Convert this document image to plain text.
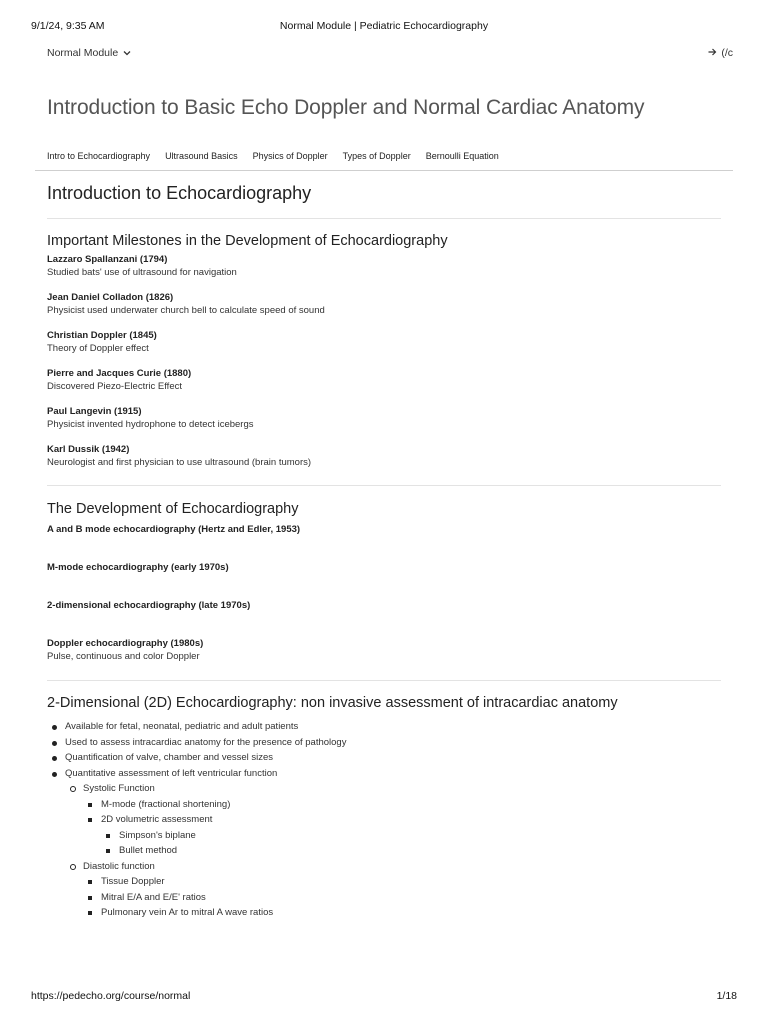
9/1/24, 9:35 AM	Normal Module | Pediatric Echocardiography
Normal Module	(/c
Introduction to Basic Echo Doppler and Normal Cardiac Anatomy
Intro to Echocardiography Ultrasound Basics Physics of Doppler Types of Doppler Bernoulli Equation
Introduction to Echocardiography
Important Milestones in the Development of Echocardiography
Lazzaro Spallanzani (1794)
Studied bats' use of ultrasound for navigation
Jean Daniel Colladon (1826)
Physicist used underwater church bell to calculate speed of sound
Christian Doppler (1845)
Theory of Doppler effect
Pierre and Jacques Curie (1880)
Discovered Piezo-Electric Effect
Paul Langevin (1915)
Physicist invented hydrophone to detect icebergs
Karl Dussik (1942)
Neurologist and first physician to use ultrasound (brain tumors)
The Development of Echocardiography
A and B mode echocardiography (Hertz and Edler, 1953)
M-mode echocardiography (early 1970s)
2-dimensional echocardiography (late 1970s)
Doppler echocardiography (1980s)
Pulse, continuous and color Doppler
2-Dimensional (2D) Echocardiography: non invasive assessment of intracardiac anatomy
Available for fetal, neonatal, pediatric and adult patients
Used to assess intracardiac anatomy for the presence of pathology
Quantification of valve, chamber and vessel sizes
Quantitative assessment of left ventricular function
Systolic Function
M-mode (fractional shortening)
2D volumetric assessment
Simpson's biplane
Bullet method
Diastolic function
Tissue Doppler
Mitral E/A and E/E' ratios
Pulmonary vein Ar to mitral A wave ratios
https://pedecho.org/course/normal	1/18
